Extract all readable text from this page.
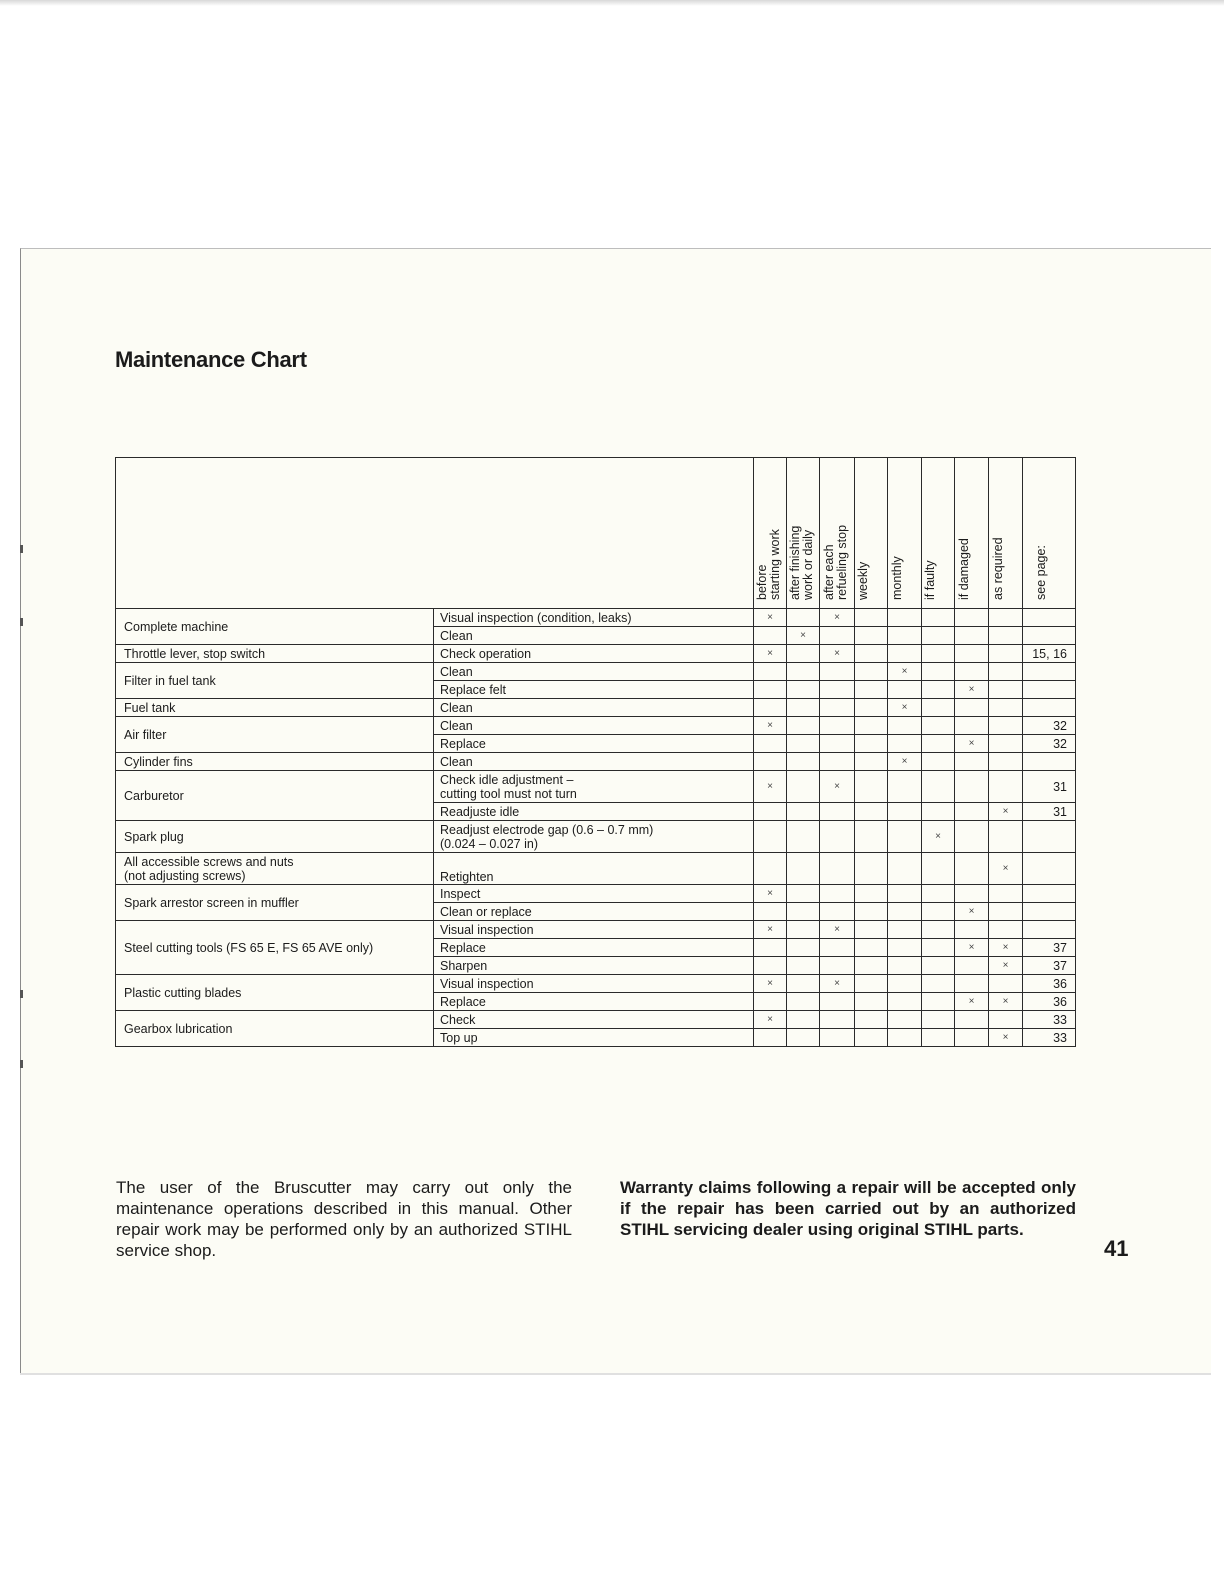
Maintenance Chart

		before
starting work	after finishing
work or daily	after each
refueling stop	weekly	monthly	if faulty	if damaged	as required	see page:

Complete machine	Visual inspection (condition, leaks)	×		×						
	Clean		×							
Throttle lever, stop switch	Check operation	×		×						15, 16
Filter in fuel tank	Clean					×				
	Replace felt							×		
Fuel tank	Clean					×				
Air filter	Clean	×								32
	Replace							×		32
Cylinder fins	Clean					×				
Carburetor	Check idle adjustment –
cutting tool must not turn	×		×						31
	Readjuste idle								×	31
Spark plug	Readjust electrode gap (0.6 – 0.7 mm)
(0.024 – 0.027 in)						×			
All accessible screws and nuts
(not adjusting screws)	Retighten								×	
Spark arrestor screen in muffler	Inspect	×								
	Clean or replace							×		
Steel cutting tools (FS 65 E, FS 65 AVE only)	Visual inspection	×		×						
	Replace							×	×	37
	Sharpen								×	37
Plastic cutting blades	Visual inspection	×		×						36
	Replace							×	×	36
Gearbox lubrication	Check	×								33
	Top up								×	33

The user of the Bruscutter may carry out only the maintenance operations described in this manual. Other repair work may be performed only by an authorized STIHL service shop.

Warranty claims following a repair will be accepted only if the repair has been carried out by an authorized STIHL servicing dealer using original STIHL parts.

41
